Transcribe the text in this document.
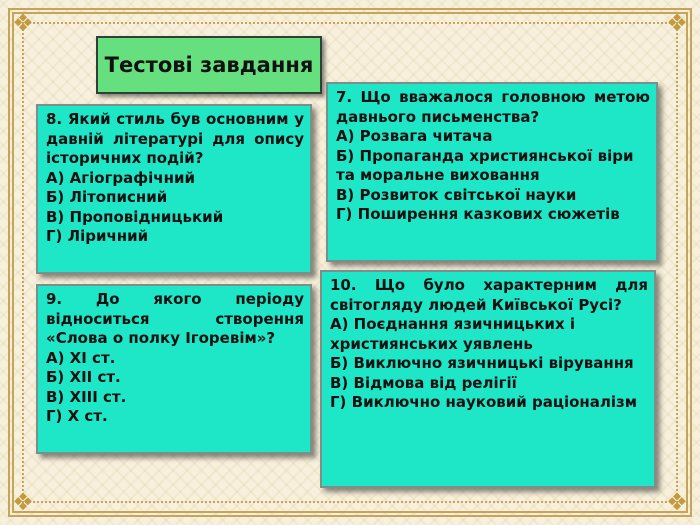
❖	❖
❖	❖
Тестові завдання
8. Який стиль був основним у давній літературі для опису історичних подій?
А) Агіографічний
Б) Літописний
В) Проповідницький
Г) Ліричний
9. До якого періоду відноситься створення «Слова о полку Ігоревім»?
А) XI ст.
Б) XII ст.
В) XIII ст.
Г) X ст.
7. Що вважалося головною метою давнього письменства?
А) Розвага читача
Б) Пропаганда християнської віри та моральне виховання
В) Розвиток світської науки
Г) Поширення казкових сюжетів
10. Що було характерним для світогляду людей Київської Русі?
А) Поєднання язичницьких і християнських уявлень
Б) Виключно язичницькі вірування
В) Відмова від релігії
Г) Виключно науковий раціоналізм
